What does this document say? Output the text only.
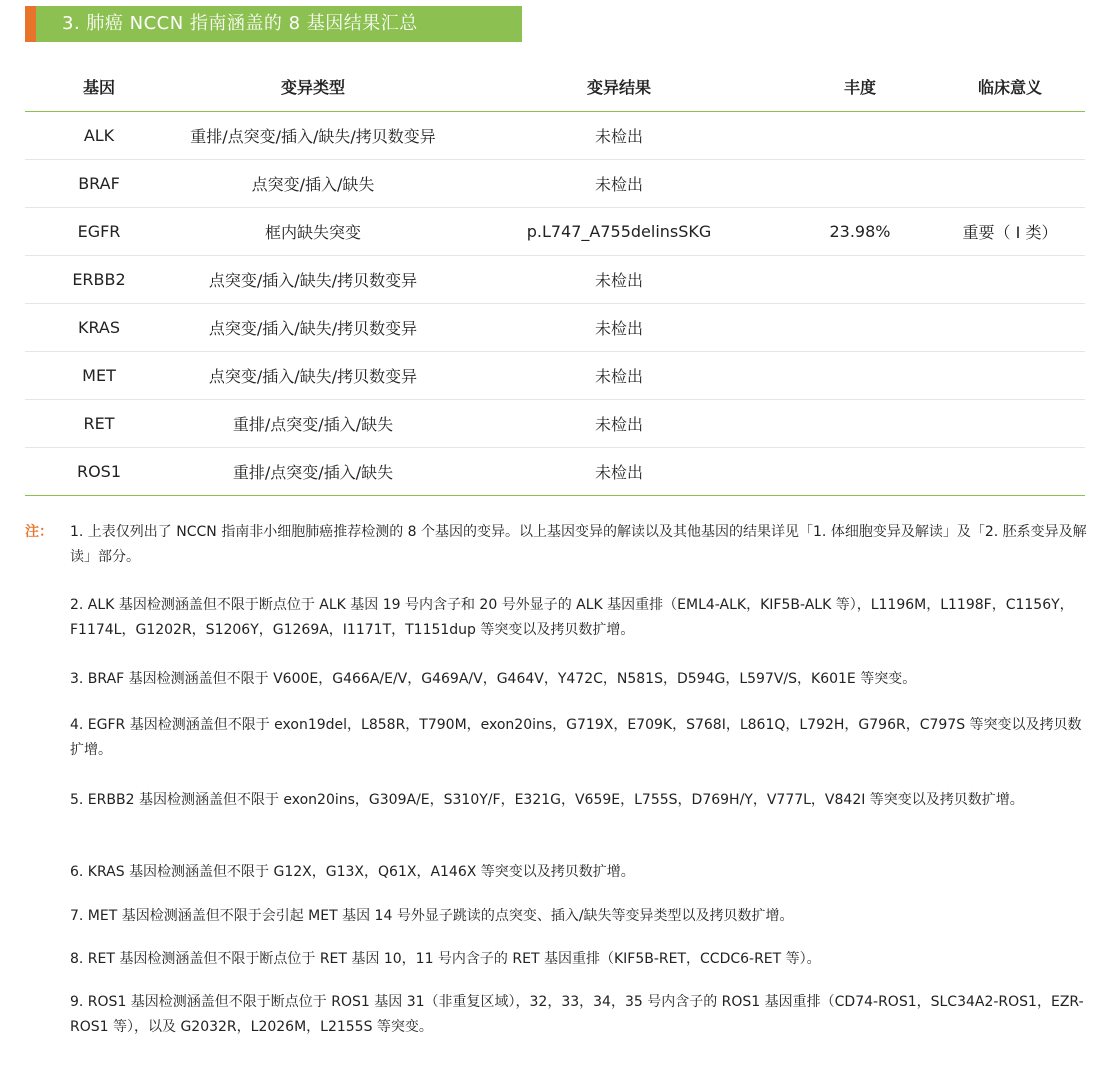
3. 肺癌 NCCN 指南涵盖的 8 基因结果汇总
基因	变异类型	变异结果	丰度	临床意义
ALK	重排/点突变/插入/缺失/拷贝数变异	未检出		
BRAF	点突变/插入/缺失	未检出		
EGFR	框内缺失突变	p.L747_A755delinsSKG	23.98%	重要（ I 类）
ERBB2	点突变/插入/缺失/拷贝数变异	未检出		
KRAS	点突变/插入/缺失/拷贝数变异	未检出		
MET	点突变/插入/缺失/拷贝数变异	未检出		
RET	重排/点突变/插入/缺失	未检出		
ROS1	重排/点突变/插入/缺失	未检出		
注： 1. 上表仅列出了 NCCN 指南非小细胞肺癌推荐检测的 8 个基因的变异。以上基因变异的解读以及其他基因的结果详见「1. 体细胞变异及解读」及「2. 胚系变异及解读」部分。
2. ALK 基因检测涵盖但不限于断点位于 ALK 基因 19 号内含子和 20 号外显子的 ALK 基因重排（EML4-ALK，KIF5B-ALK 等），L1196M，L1198F，C1156Y，F1174L，G1202R，S1206Y，G1269A，I1171T，T1151dup 等突变以及拷贝数扩增。
3. BRAF 基因检测涵盖但不限于 V600E，G466A/E/V，G469A/V，G464V，Y472C，N581S，D594G，L597V/S，K601E 等突变。
4. EGFR 基因检测涵盖但不限于 exon19del，L858R，T790M，exon20ins，G719X，E709K，S768I，L861Q，L792H，G796R，C797S 等突变以及拷贝数扩增。
5. ERBB2 基因检测涵盖但不限于 exon20ins，G309A/E，S310Y/F，E321G，V659E，L755S，D769H/Y，V777L，V842I 等突变以及拷贝数扩增。
6. KRAS 基因检测涵盖但不限于 G12X，G13X，Q61X，A146X 等突变以及拷贝数扩增。
7. MET 基因检测涵盖但不限于会引起 MET 基因 14 号外显子跳读的点突变、插入/缺失等变异类型以及拷贝数扩增。
8. RET 基因检测涵盖但不限于断点位于 RET 基因 10，11 号内含子的 RET 基因重排（KIF5B-RET，CCDC6-RET 等）。
9. ROS1 基因检测涵盖但不限于断点位于 ROS1 基因 31（非重复区域），32，33，34，35 号内含子的 ROS1 基因重排（CD74-ROS1，SLC34A2-ROS1，EZR-ROS1 等），以及 G2032R，L2026M，L2155S 等突变。
